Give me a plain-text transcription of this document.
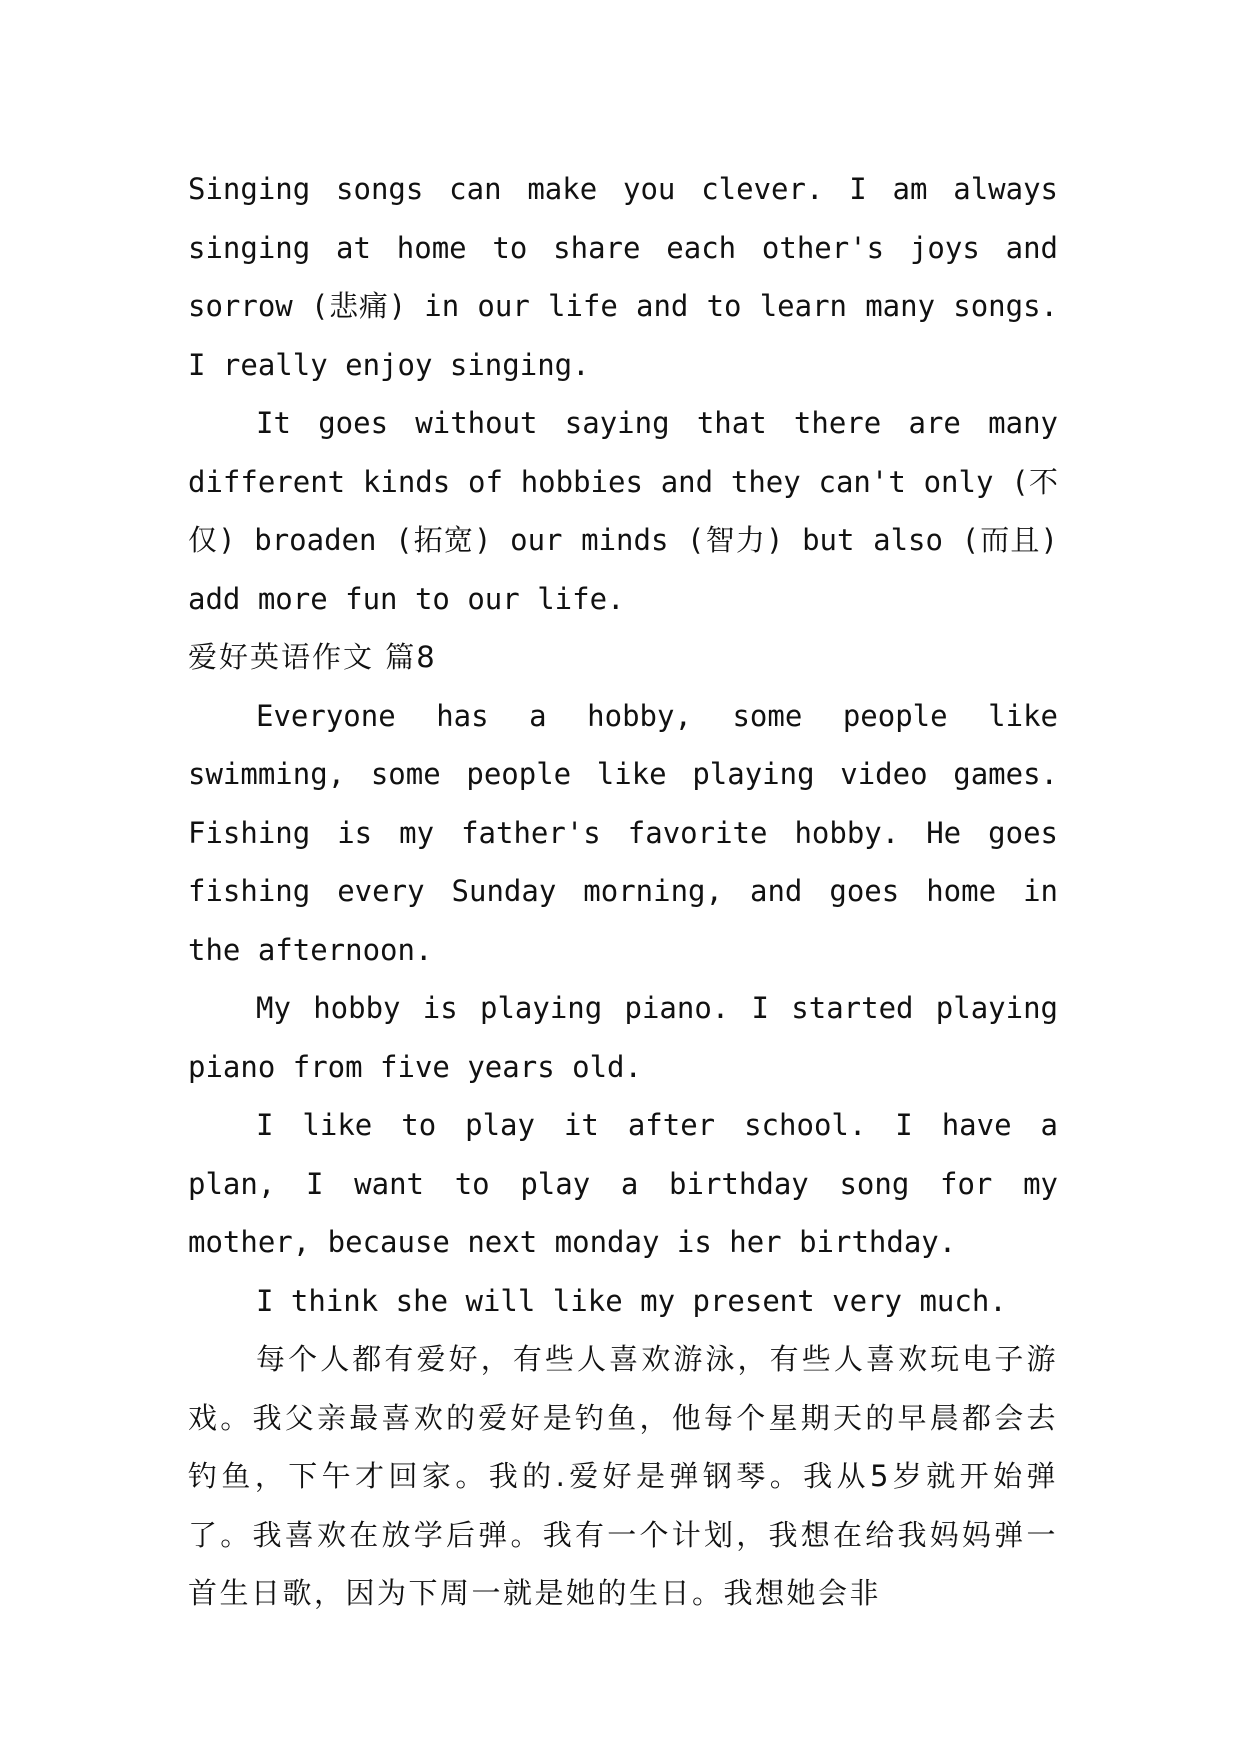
Singing songs can make you clever. I am always singing at home to share each other's joys and sorrow (悲痛) in our life and to learn many songs. I really enjoy singing.

It goes without saying that there are many different kinds of hobbies and they can't only (不仅) broaden (拓宽) our minds (智力) but also (而且) add more fun to our life.

爱好英语作文 篇8

Everyone has a hobby, some people like swimming, some people like playing video games. Fishing is my father's favorite hobby. He goes fishing every Sunday morning, and goes home in the afternoon.

My hobby is playing piano. I started playing piano from five years old.

I like to play it after school. I have a plan, I want to play a birthday song for my mother, because next monday is her birthday.

I think she will like my present very much.

每个人都有爱好，有些人喜欢游泳，有些人喜欢玩电子游戏。我父亲最喜欢的爱好是钓鱼，他每个星期天的早晨都会去钓鱼，下午才回家。我的.爱好是弹钢琴。我从5岁就开始弹了。我喜欢在放学后弹。我有一个计划，我想在给我妈妈弹一首生日歌，因为下周一就是她的生日。我想她会非
